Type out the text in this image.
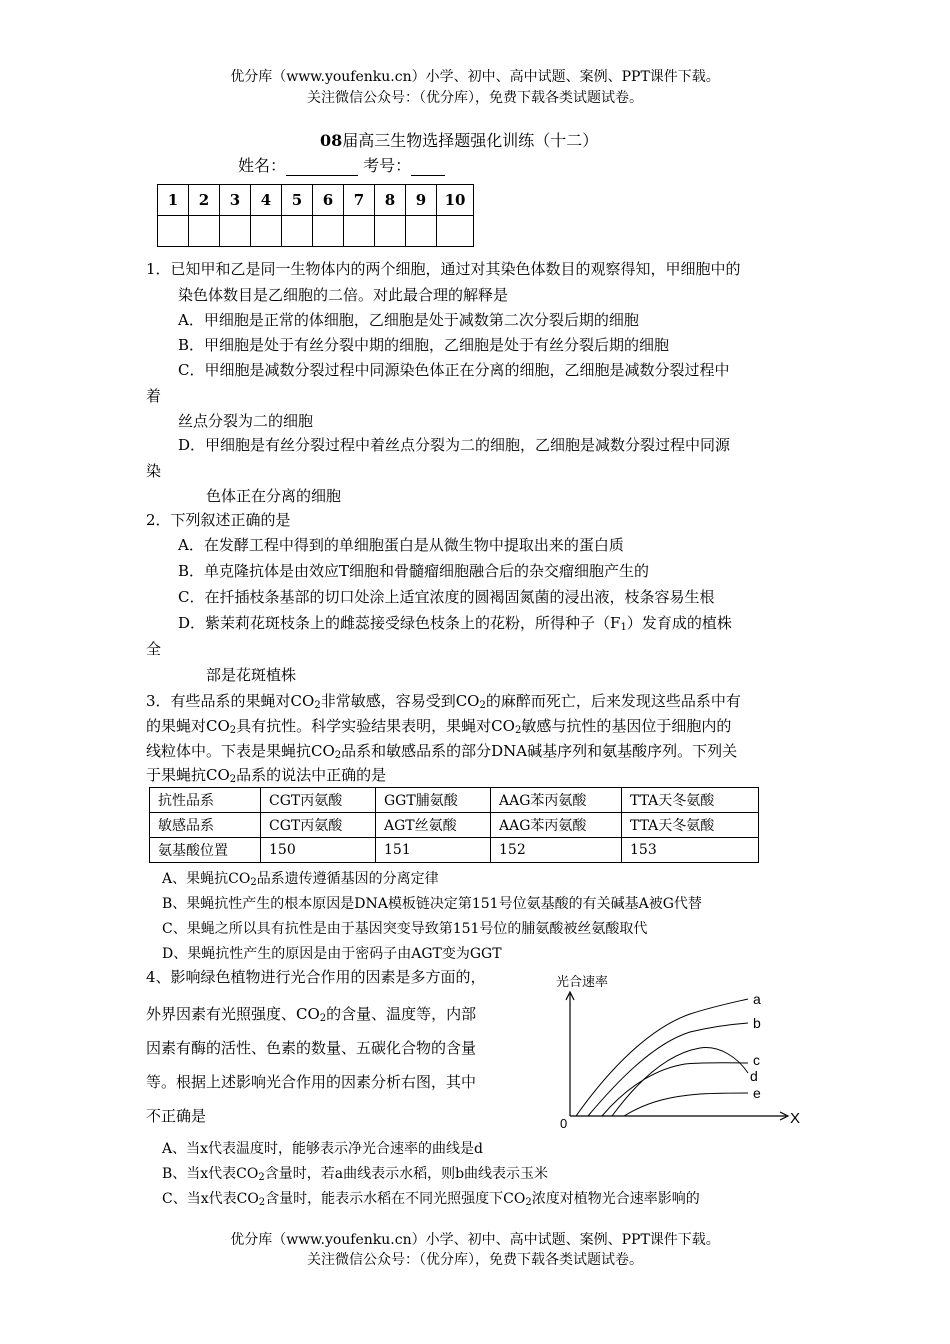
优分库（www.youfenku.cn）小学、初中、高中试题、案例、PPT课件下载。
关注微信公众号：（优分库），免费下载各类试题试卷。
08届高三生物选择题强化训练（十二）
姓名：	考号：
1	2	3	4	5	6	7	8	9	10

1．已知甲和乙是同一生物体内的两个细胞，通过对其染色体数目的观察得知，甲细胞中的
染色体数目是乙细胞的二倍。对此最合理的解释是
A．甲细胞是正常的体细胞，乙细胞是处于减数第二次分裂后期的细胞
B．甲细胞是处于有丝分裂中期的细胞，乙细胞是处于有丝分裂后期的细胞
C．甲细胞是减数分裂过程中同源染色体正在分离的细胞，乙细胞是减数分裂过程中
着
丝点分裂为二的细胞
D．甲细胞是有丝分裂过程中着丝点分裂为二的细胞，乙细胞是减数分裂过程中同源
染
色体正在分离的细胞
2．下列叙述正确的是
A．在发酵工程中得到的单细胞蛋白是从微生物中提取出来的蛋白质
B．单克隆抗体是由效应T细胞和骨髓瘤细胞融合后的杂交瘤细胞产生的
C．在扦插枝条基部的切口处涂上适宜浓度的圆褐固氮菌的浸出液，枝条容易生根
D．紫茉莉花斑枝条上的雌蕊接受绿色枝条上的花粉，所得种子$(F_1)$发育成的植株
全
部是花斑植株
3．有些品系的果蝇对$CO_2$非常敏感，容易受到$CO_2$的麻醉而死亡，后来发现这些品系中有
的果蝇对$CO_2$具有抗性。科学实验结果表明，果蝇对$CO_2$敏感与抗性的基因位于细胞内的
线粒体中。下表是果蝇抗$CO_2$品系和敏感品系的部分DNA碱基序列和氨基酸序列。下列关
于果蝇抗$CO_2$品系的说法中正确的是
抗性品系	CGT丙氨酸	GGT脯氨酸	AAG苯丙氨酸	TTA天冬氨酸
敏感品系	CGT丙氨酸	AGT丝氨酸	AAG苯丙氨酸	TTA天冬氨酸
氨基酸位置	150	151	152	153
A、果蝇抗$CO_2$品系遗传遵循基因的分离定律
B、果蝇抗性产生的根本原因是DNA模板链决定第151号位氨基酸的有关碱基A被G代替
C、果蝇之所以具有抗性是由于基因突变导致第151号位的脯氨酸被丝氨酸取代
D、果蝇抗性产生的原因是由于密码子由AGT变为GGT
4、影响绿色植物进行光合作用的因素是多方面的，
外界因素有光照强度、$CO_2$的含量、温度等，内部
因素有酶的活性、色素的数量、五碳化合物的含量
等。根据上述影响光合作用的因素分析右图，其中
不正确是
光合速率
X
0
a
b
c
d
e
A、当x代表温度时，能够表示净光合速率的曲线是d
B、当x代表$CO_2$含量时，若a曲线表示水稻，则b曲线表示玉米
C、当x代表$CO_2$含量时，能表示水稻在不同光照强度下$CO_2$浓度对植物光合速率影响的
优分库（www.youfenku.cn）小学、初中、高中试题、案例、PPT课件下载。
关注微信公众号：（优分库），免费下载各类试题试卷。
